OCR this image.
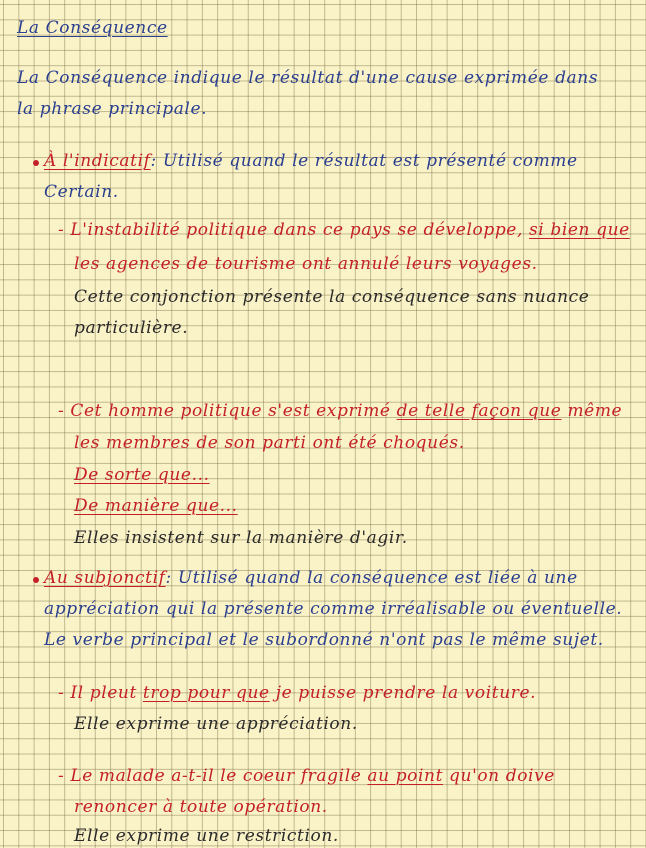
La Conséquence
La Conséquence indique le résultat d'une cause exprimée dans
la phrase principale.
À l'indicatif: Utilisé quand le résultat est présenté comme
Certain.
- L'instabilité politique dans ce pays se développe, si bien que
les agences de tourisme ont annulé leurs voyages.
Cette conjonction présente la conséquence sans nuance
particulière.
- Cet homme politique s'est exprimé de telle façon que même
les membres de son parti ont été choqués.
De sorte que...
De manière que...
Elles insistent sur la manière d'agir.
Au subjonctif: Utilisé quand la conséquence est liée à une
appréciation qui la présente comme irréalisable ou éventuelle.
Le verbe principal et le subordonné n'ont pas le même sujet.
- Il pleut trop pour que je puisse prendre la voiture.
Elle exprime une appréciation.
- Le malade a-t-il le coeur fragile au point qu'on doive
renoncer à toute opération.
Elle exprime une restriction.
